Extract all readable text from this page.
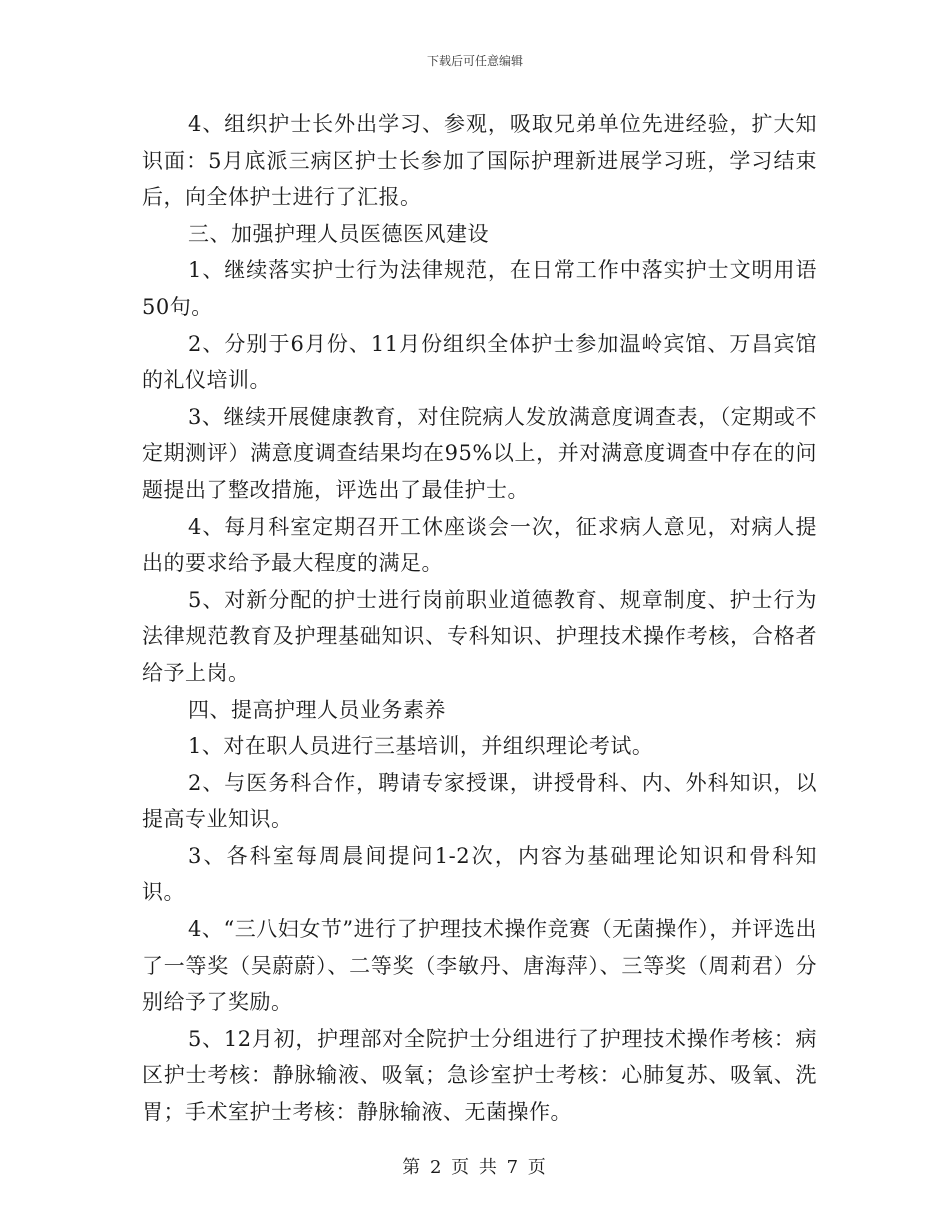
下载后可任意编辑

4、组织护士长外出学习、参观，吸取兄弟单位先进经验，扩大知识面：5月底派三病区护士长参加了国际护理新进展学习班，学习结束后，向全体护士进行了汇报。

三、加强护理人员医德医风建设

1、继续落实护士行为法律规范，在日常工作中落实护士文明用语50句。

2、分别于6月份、11月份组织全体护士参加温岭宾馆、万昌宾馆的礼仪培训。

3、继续开展健康教育，对住院病人发放满意度调查表，（定期或不定期测评）满意度调查结果均在95%以上，并对满意度调查中存在的问题提出了整改措施，评选出了最佳护士。

4、每月科室定期召开工休座谈会一次，征求病人意见，对病人提出的要求给予最大程度的满足。

5、对新分配的护士进行岗前职业道德教育、规章制度、护士行为法律规范教育及护理基础知识、专科知识、护理技术操作考核，合格者给予上岗。

四、提高护理人员业务素养

1、对在职人员进行三基培训，并组织理论考试。

2、与医务科合作，聘请专家授课，讲授骨科、内、外科知识，以提高专业知识。

3、各科室每周晨间提问1-2次，内容为基础理论知识和骨科知识。

4、“三八妇女节”进行了护理技术操作竞赛（无菌操作），并评选出了一等奖（吴蔚蔚）、二等奖（李敏丹、唐海萍）、三等奖（周莉君）分别给予了奖励。

5、12月初，护理部对全院护士分组进行了护理技术操作考核：病区护士考核：静脉输液、吸氧；急诊室护士考核：心肺复苏、吸氧、洗胃；手术室护士考核：静脉输液、无菌操作。

第 2 页 共 7 页
